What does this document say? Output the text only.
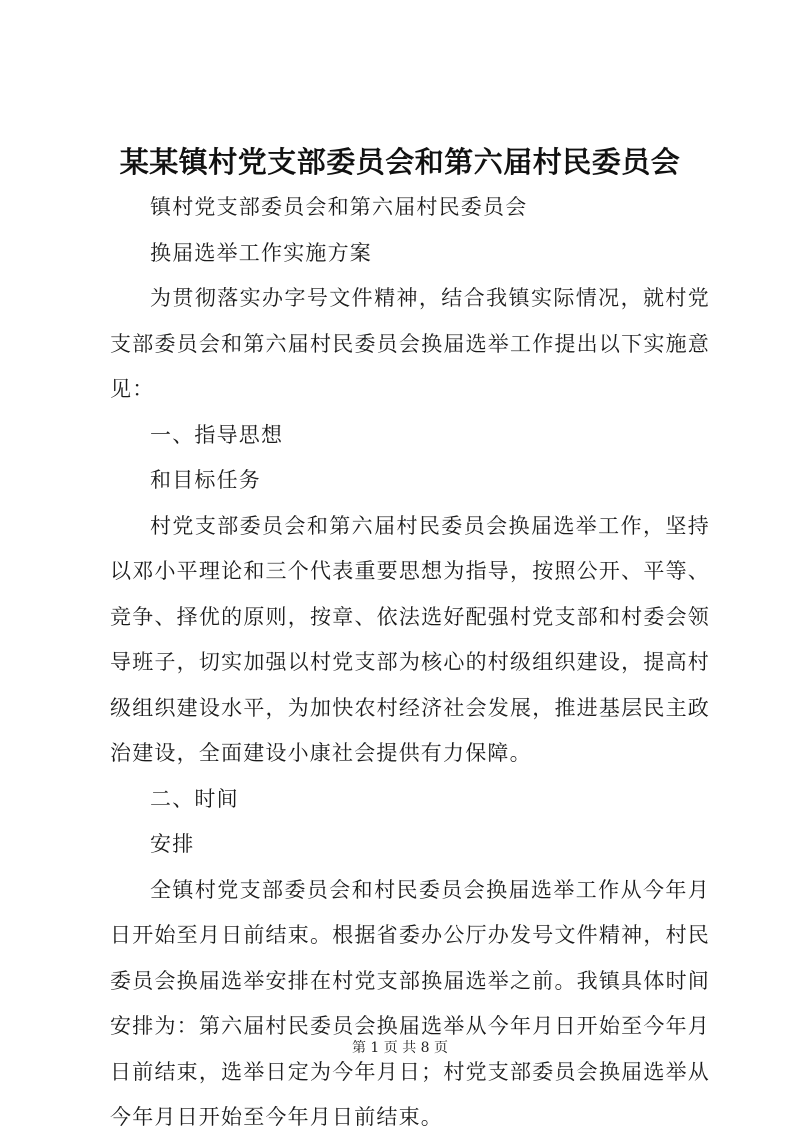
某某镇村党支部委员会和第六届村民委员会

镇村党支部委员会和第六届村民委员会

换届选举工作实施方案

为贯彻落实办字号文件精神，结合我镇实际情况，就村党支部委员会和第六届村民委员会换届选举工作提出以下实施意见：

一、指导思想

和目标任务

村党支部委员会和第六届村民委员会换届选举工作，坚持以邓小平理论和三个代表重要思想为指导，按照公开、平等、竞争、择优的原则，按章、依法选好配强村党支部和村委会领导班子，切实加强以村党支部为核心的村级组织建设，提高村级组织建设水平，为加快农村经济社会发展，推进基层民主政治建设，全面建设小康社会提供有力保障。

二、时间

安排

全镇村党支部委员会和村民委员会换届选举工作从今年月日开始至月日前结束。根据省委办公厅办发号文件精神，村民委员会换届选举安排在村党支部换届选举之前。我镇具体时间安排为：第六届村民委员会换届选举从今年月日开始至今年月日前结束，选举日定为今年月日；村党支部委员会换届选举从今年月日开始至今年月日前结束。

第 1 页 共 8 页
